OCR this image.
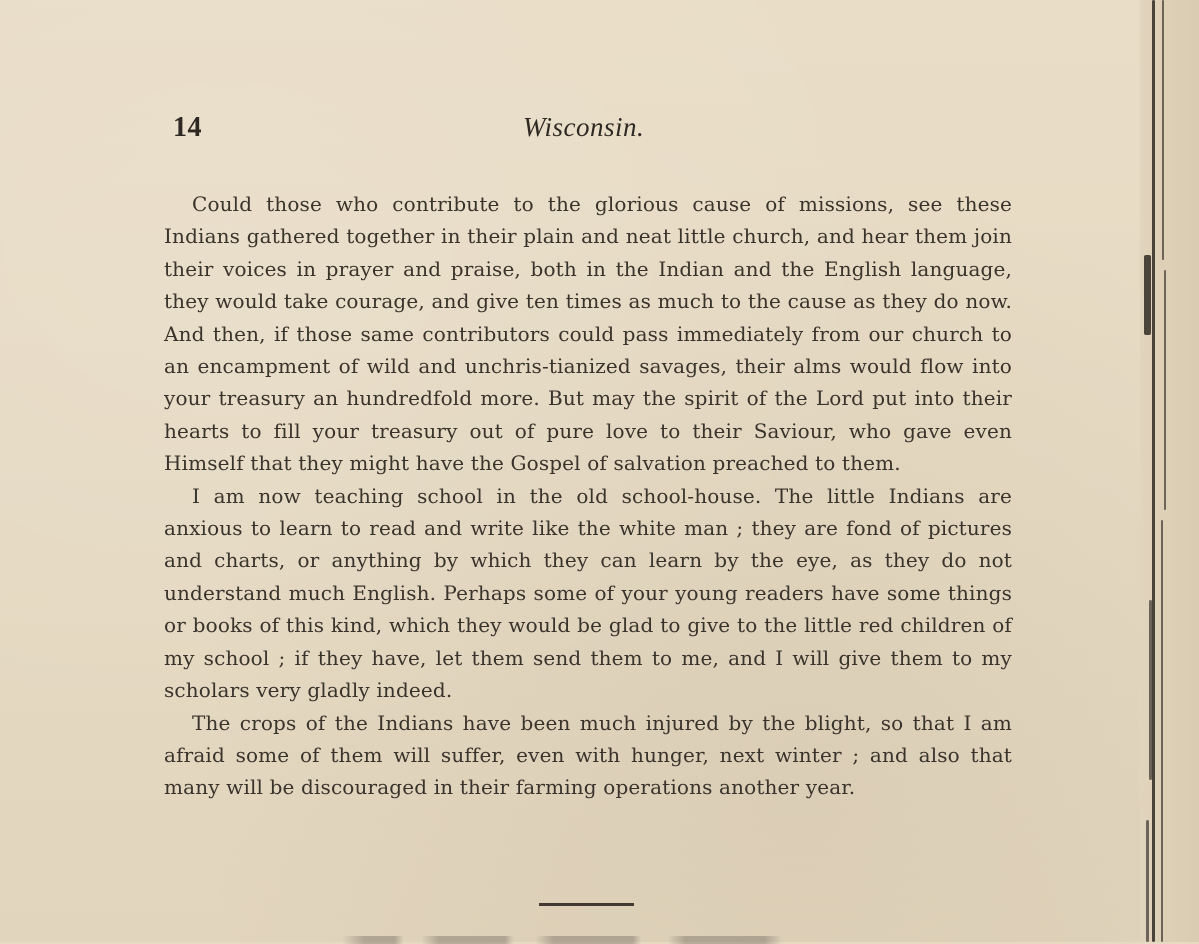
14	Wisconsin.

Could those who contribute to the glorious cause of missions, see these Indians gathered together in their plain and neat little church, and hear them join their voices in prayer and praise, both in the Indian and the English language, they would take courage, and give ten times as much to the cause as they do now. And then, if those same contributors could pass immediately from our church to an encampment of wild and unchris-tianized savages, their alms would flow into your treasury an hundredfold more. But may the spirit of the Lord put into their hearts to fill your treasury out of pure love to their Saviour, who gave even Himself that they might have the Gospel of salvation preached to them.

I am now teaching school in the old school-house. The little Indians are anxious to learn to read and write like the white man ; they are fond of pictures and charts, or anything by which they can learn by the eye, as they do not understand much English. Perhaps some of your young readers have some things or books of this kind, which they would be glad to give to the little red children of my school ; if they have, let them send them to me, and I will give them to my scholars very gladly indeed.

The crops of the Indians have been much injured by the blight, so that I am afraid some of them will suffer, even with hunger, next winter ; and also that many will be discouraged in their farming operations another year.
